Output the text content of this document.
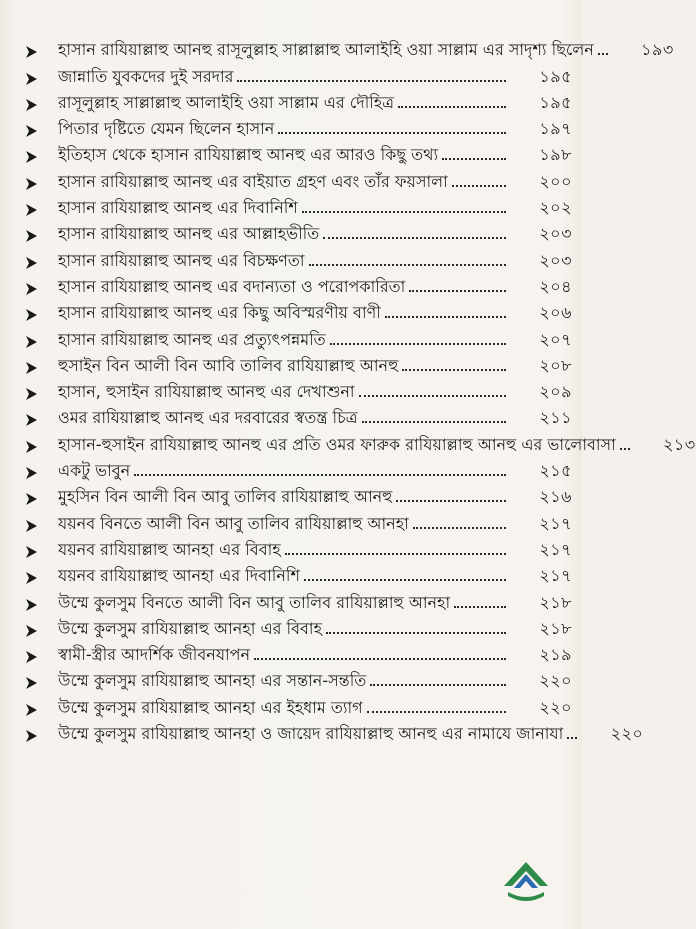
হাসান রাযিয়াল্লাহু আনহু রাসূলুল্লাহ সাল্লাল্লাহু আলাইহি ওয়া সাল্লাম এর সাদৃশ্য ছিলেন	১৯৩
জান্নাতি যুবকদের দুই সরদার	১৯৫
রাসূলুল্লাহ সাল্লাল্লাহু আলাইহি ওয়া সাল্লাম এর দৌহিত্র	১৯৫
পিতার দৃষ্টিতে যেমন ছিলেন হাসান	১৯৭
ইতিহাস থেকে হাসান রাযিয়াল্লাহু আনহু এর আরও কিছু তথ্য	১৯৮
হাসান রাযিয়াল্লাহু আনহু এর বাইয়াত গ্রহণ এবং তাঁর ফয়সালা	২০০
হাসান রাযিয়াল্লাহু আনহু এর দিবানিশি	২০২
হাসান রাযিয়াল্লাহু আনহু এর আল্লাহভীতি	২০৩
হাসান রাযিয়াল্লাহু আনহু এর বিচক্ষণতা	২০৩
হাসান রাযিয়াল্লাহু আনহু এর বদান্যতা ও পরোপকারিতা	২০৪
হাসান রাযিয়াল্লাহু আনহু এর কিছু অবিস্মরণীয় বাণী	২০৬
হাসান রাযিয়াল্লাহু আনহু এর প্রত্যুৎপন্নমতি	২০৭
হুসাইন বিন আলী বিন আবি তালিব রাযিয়াল্লাহু আনহু	২০৮
হাসান, হুসাইন রাযিয়াল্লাহু আনহু এর দেখাশুনা	২০৯
ওমর রাযিয়াল্লাহু আনহু এর দরবারের স্বতন্ত্র চিত্র	২১১
হাসান-হুসাইন রাযিয়াল্লাহু আনহু এর প্রতি ওমর ফারুক রাযিয়াল্লাহু আনহু এর ভালোবাসা	২১৩
একটু ভাবুন	২১৫
মুহসিন বিন আলী বিন আবু তালিব রাযিয়াল্লাহু আনহু	২১৬
যয়নব বিনতে আলী বিন আবু তালিব রাযিয়াল্লাহু আনহা	২১৭
যয়নব রাযিয়াল্লাহু আনহা এর বিবাহ	২১৭
যয়নব রাযিয়াল্লাহু আনহা এর দিবানিশি	২১৭
উম্মে কুলসুম বিনতে আলী বিন আবু তালিব রাযিয়াল্লাহু আনহা	২১৮
উম্মে কুলসুম রাযিয়াল্লাহু আনহা এর বিবাহ	২১৮
স্বামী-স্ত্রীর আদর্শিক জীবনযাপন	২১৯
উম্মে কুলসুম রাযিয়াল্লাহু আনহা এর সন্তান-সন্ততি	২২০
উম্মে কুলসুম রাযিয়াল্লাহু আনহা এর ইহধাম ত্যাগ	২২০
উম্মে কুলসুম রাযিয়াল্লাহু আনহা ও জায়েদ রাযিয়াল্লাহু আনহু এর নামাযে জানাযা	২২০
